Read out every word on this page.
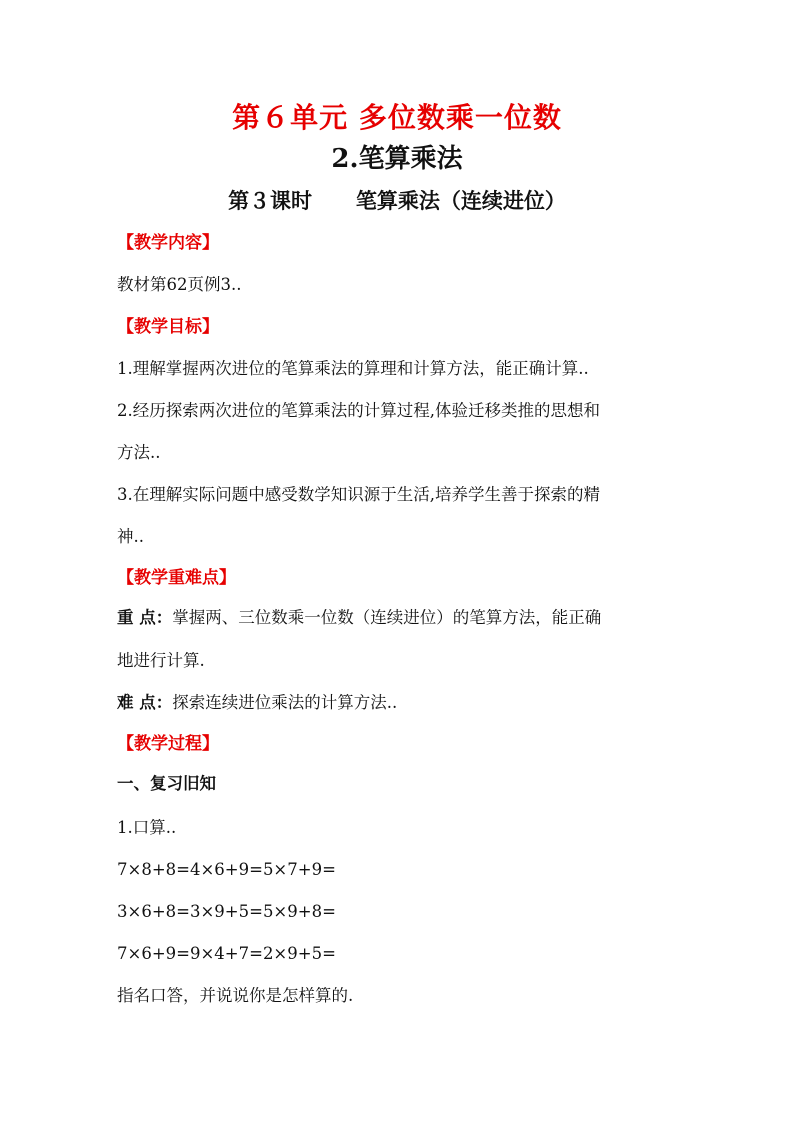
第６单元 多位数乘一位数
2.笔算乘法
第３课时      笔算乘法（连续进位）
【教学内容】
教材第62页例3..
【教学目标】
1.理解掌握两次进位的笔算乘法的算理和计算方法，能正确计算..
2.经历探索两次进位的笔算乘法的计算过程,体验迁移类推的思想和
方法..
3.在理解实际问题中感受数学知识源于生活,培养学生善于探索的精
神..
【教学重难点】
重 点：掌握两、三位数乘一位数（连续进位）的笔算方法，能正确
地进行计算.
难 点：探索连续进位乘法的计算方法..
【教学过程】
一、复习旧知
1.口算..
7×8+8=4×6+9=5×7+9=
3×6+8=3×9+5=5×9+8=
7×6+9=9×4+7=2×9+5=
指名口答，并说说你是怎样算的.
